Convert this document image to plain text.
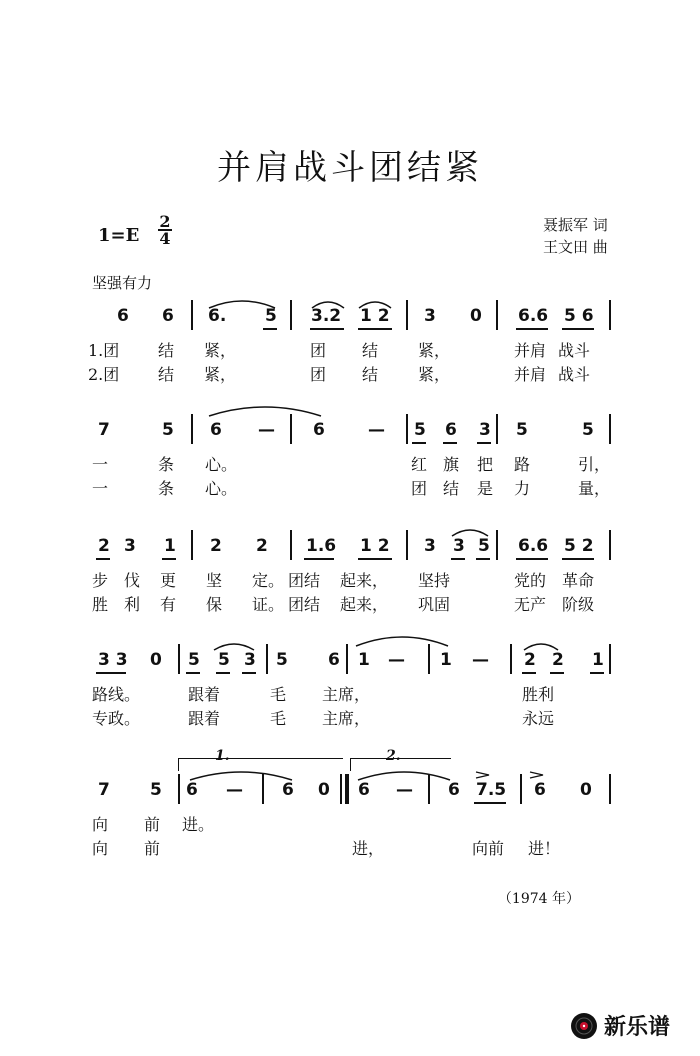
并肩战斗团结紧
1=E
2
4
聂振军 词
王文田 曲
坚强有力
6 6 6. 5 3.2 1 2 3 0 6.6 5 6
1.团 结 紧，	团 结 紧，	并肩 战斗
2.团 结 紧，	团 结 紧，	并肩 战斗
7	5 6 — 6	— 5 6 3 5	5
一	条 心。	红 旗 把 路	引，
一	条 心。	团 结 是 力	量，
2 3 1 2 2 1.6 1 2 3 3 5 6.6 5 2
步 伐 更 坚 定。 团结 起来， 坚持	党的 革命
胜 利 有 保 证。 团结 起来， 巩固	无产 阶级
3 3 0 5 5 3 5 6 1 — 1 — 2 2 1
路线。	跟着	毛 主席，	胜利
专政。	跟着	毛 主席，	永远
1.	2.
7 5 6 — 6 0 6 — 6 7.5 6 0
向 前 进。
向 前	进，	向前 进！
（1974 年）
新乐谱
